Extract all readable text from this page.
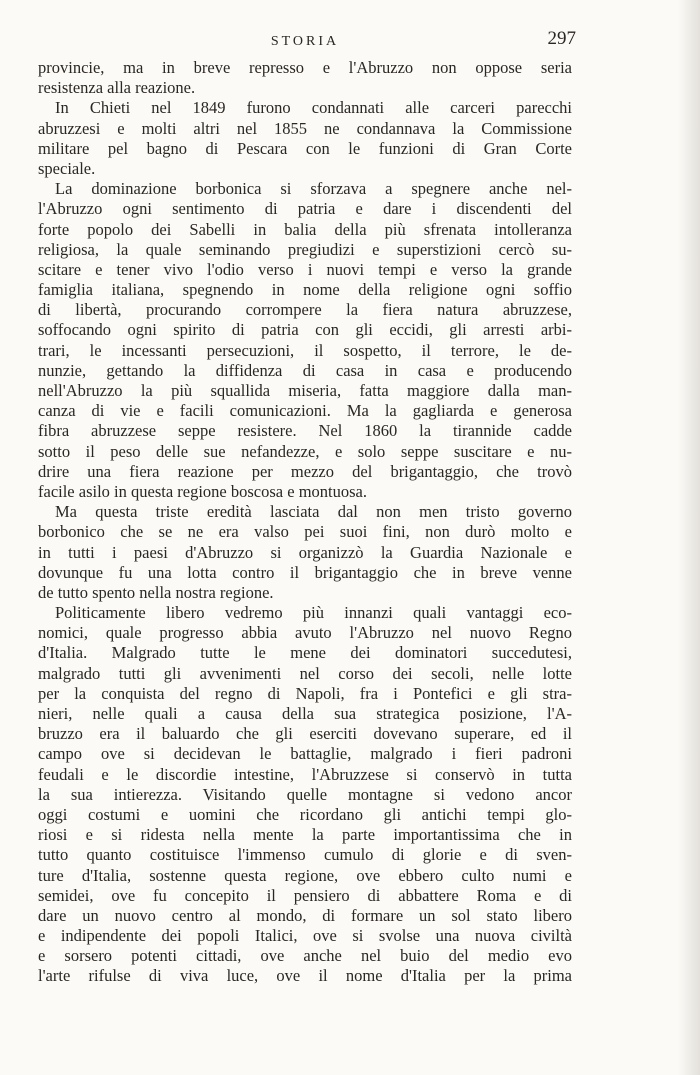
STORIA	297
provincie, ma in breve represso e l'Abruzzo non oppose seria
resistenza alla reazione.
In Chieti nel 1849 furono condannati alle carceri parecchi
abruzzesi e molti altri nel 1855 ne condannava la Commissione
militare pel bagno di Pescara con le funzioni di Gran Corte
speciale.
La dominazione borbonica si sforzava a spegnere anche nel-
l'Abruzzo ogni sentimento di patria e dare i discendenti del
forte popolo dei Sabelli in balia della più sfrenata intolleranza
religiosa, la quale seminando pregiudizi e superstizioni cercò su-
scitare e tener vivo l'odio verso i nuovi tempi e verso la grande
famiglia italiana, spegnendo in nome della religione ogni soffio
di libertà, procurando corrompere la fiera natura abruzzese,
soffocando ogni spirito di patria con gli eccidi, gli arresti arbi-
trari, le incessanti persecuzioni, il sospetto, il terrore, le de-
nunzie, gettando la diffidenza di casa in casa e producendo
nell'Abruzzo la più squallida miseria, fatta maggiore dalla man-
canza di vie e facili comunicazioni. Ma la gagliarda e generosa
fibra abruzzese seppe resistere. Nel 1860 la tirannide cadde
sotto il peso delle sue nefandezze, e solo seppe suscitare e nu-
drire una fiera reazione per mezzo del brigantaggio, che trovò
facile asilo in questa regione boscosa e montuosa.
Ma questa triste eredità lasciata dal non men tristo governo
borbonico che se ne era valso pei suoi fini, non durò molto e
in tutti i paesi d'Abruzzo si organizzò la Guardia Nazionale e
dovunque fu una lotta contro il brigantaggio che in breve venne
de tutto spento nella nostra regione.
Politicamente libero vedremo più innanzi quali vantaggi eco-
nomici, quale progresso abbia avuto l'Abruzzo nel nuovo Regno
d'Italia. Malgrado tutte le mene dei dominatori succedutesi,
malgrado tutti gli avvenimenti nel corso dei secoli, nelle lotte
per la conquista del regno di Napoli, fra i Pontefici e gli stra-
nieri, nelle quali a causa della sua strategica posizione, l'A-
bruzzo era il baluardo che gli eserciti dovevano superare, ed il
campo ove si decidevan le battaglie, malgrado i fieri padroni
feudali e le discordie intestine, l'Abruzzese si conservò in tutta
la sua intierezza. Visitando quelle montagne si vedono ancor
oggi costumi e uomini che ricordano gli antichi tempi glo-
riosi e si ridesta nella mente la parte importantissima che in
tutto quanto costituisce l'immenso cumulo di glorie e di sven-
ture d'Italia, sostenne questa regione, ove ebbero culto numi e
semidei, ove fu concepito il pensiero di abbattere Roma e di
dare un nuovo centro al mondo, di formare un sol stato libero
e indipendente dei popoli Italici, ove si svolse una nuova civiltà
e sorsero potenti cittadi, ove anche nel buio del medio evo
l'arte rifulse di viva luce, ove il nome d'Italia per la prima
